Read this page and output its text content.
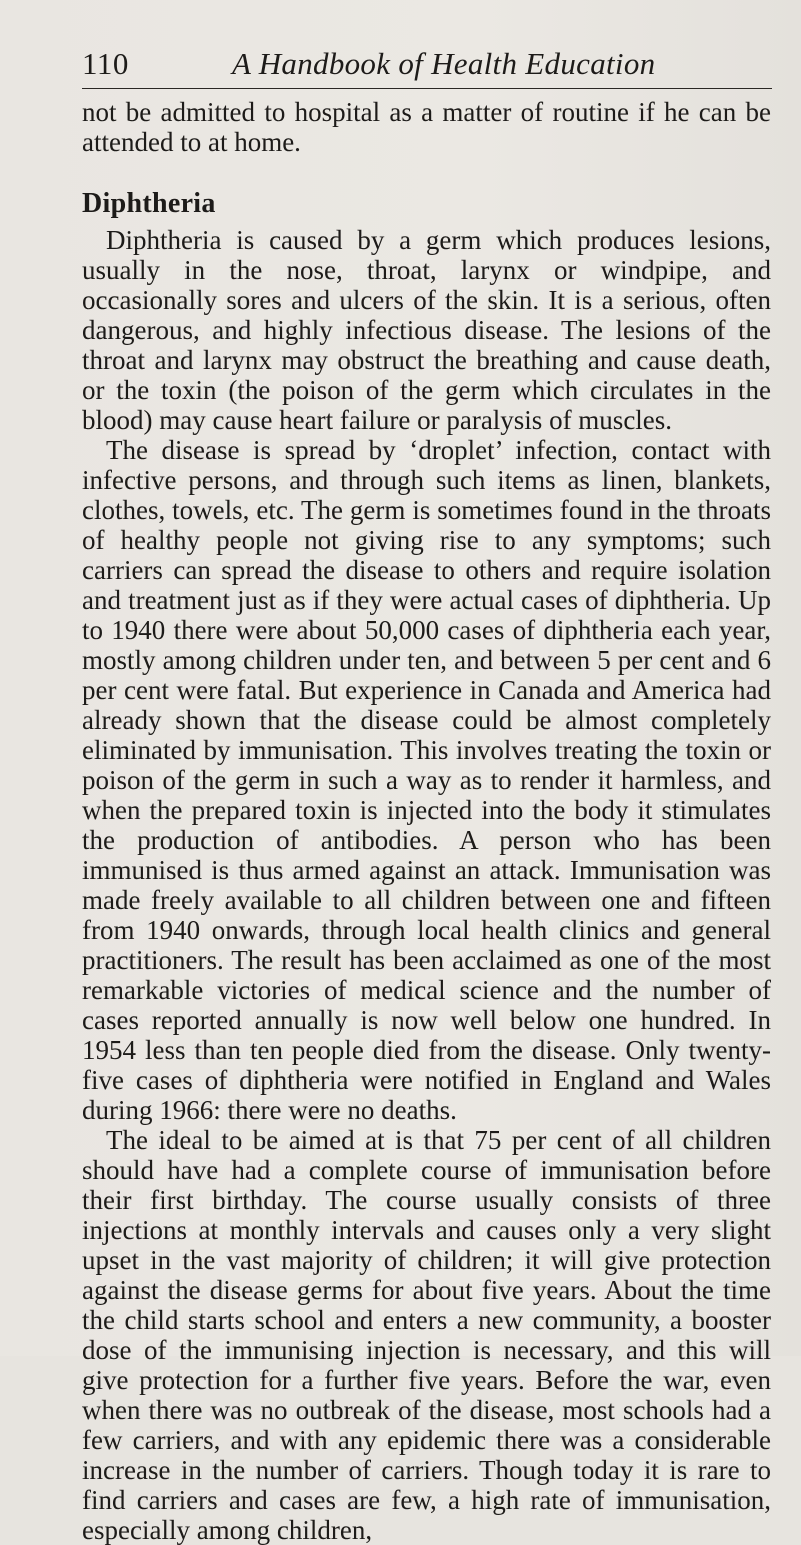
110	A Handbook of Health Education

not be admitted to hospital as a matter of routine if he can be attended to at home.

Diphtheria

Diphtheria is caused by a germ which produces lesions, usually in the nose, throat, larynx or windpipe, and occasionally sores and ulcers of the skin. It is a serious, often dangerous, and highly infectious disease. The lesions of the throat and larynx may obstruct the breathing and cause death, or the toxin (the poison of the germ which circulates in the blood) may cause heart failure or paralysis of muscles.

The disease is spread by ‘droplet’ infection, contact with infective persons, and through such items as linen, blankets, clothes, towels, etc. The germ is sometimes found in the throats of healthy people not giving rise to any symptoms; such carriers can spread the disease to others and require isolation and treatment just as if they were actual cases of diphtheria. Up to 1940 there were about 50,000 cases of diphtheria each year, mostly among children under ten, and between 5 per cent and 6 per cent were fatal. But experience in Canada and America had already shown that the disease could be almost completely eliminated by immunisation. This involves treating the toxin or poison of the germ in such a way as to render it harmless, and when the prepared toxin is injected into the body it stimulates the production of antibodies. A person who has been immunised is thus armed against an attack. Immunisation was made freely available to all children between one and fifteen from 1940 onwards, through local health clinics and general practitioners. The result has been acclaimed as one of the most remarkable victories of medical science and the number of cases reported annually is now well below one hundred. In 1954 less than ten people died from the disease. Only twenty-five cases of diphtheria were notified in England and Wales during 1966: there were no deaths.

The ideal to be aimed at is that 75 per cent of all children should have had a complete course of immunisation before their first birthday. The course usually consists of three injections at monthly intervals and causes only a very slight upset in the vast majority of children; it will give protection against the disease germs for about five years. About the time the child starts school and enters a new community, a booster dose of the immunising injection is necessary, and this will give protection for a further five years. Before the war, even when there was no outbreak of the disease, most schools had a few carriers, and with any epidemic there was a considerable increase in the number of carriers. Though today it is rare to find carriers and cases are few, a high rate of immunisation, especially among children,
